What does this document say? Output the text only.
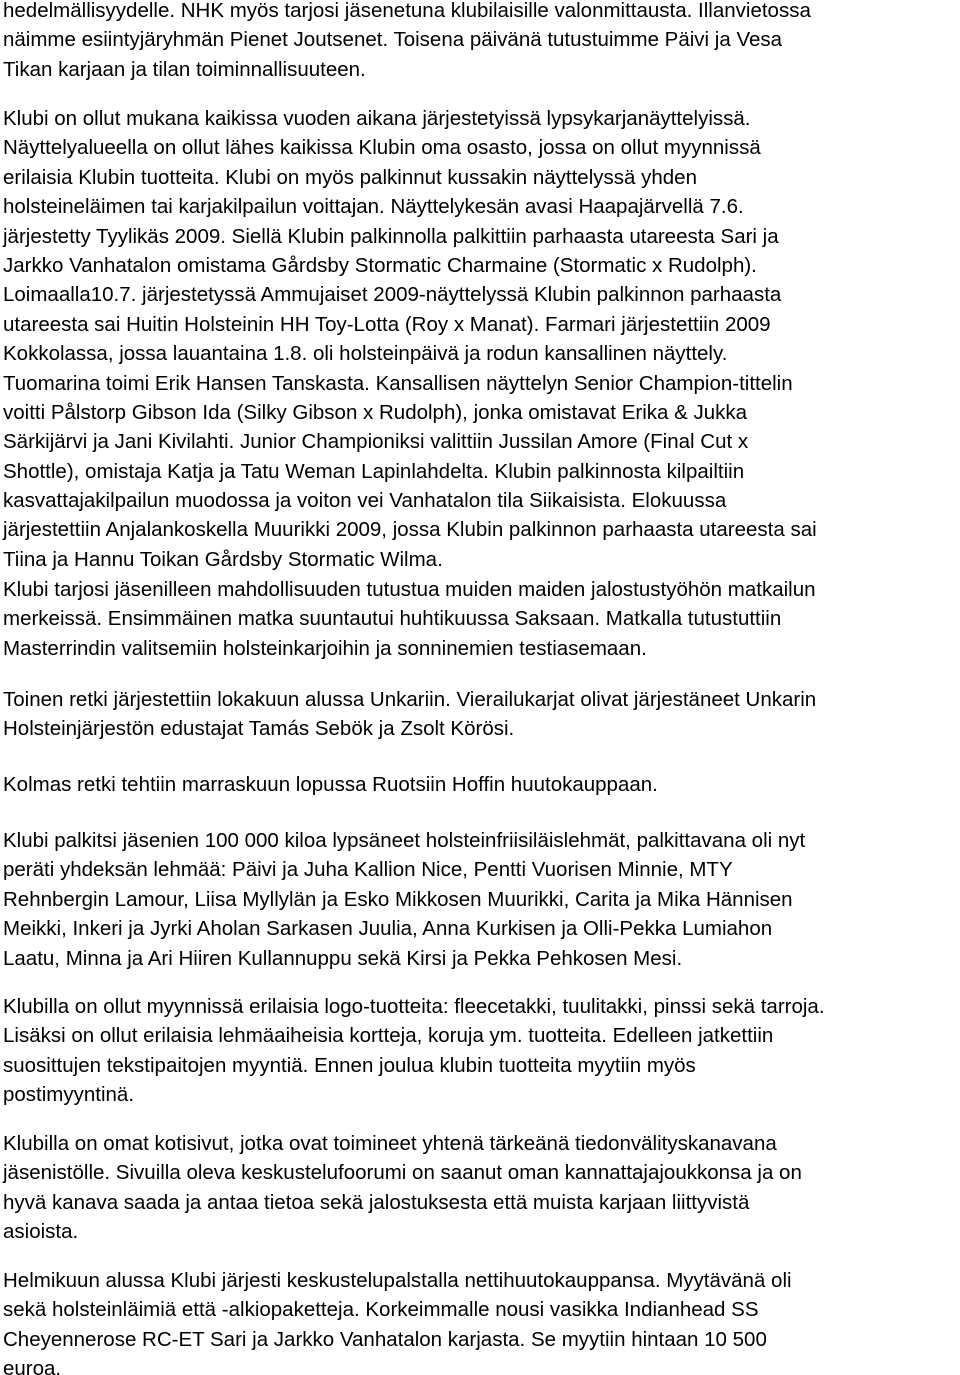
hedelmällisyydelle. NHK myös tarjosi jäsenetuna klubilaisille valonmittausta. Illanvietossa
näimme esiintyjäryhmän Pienet Joutsenet. Toisena päivänä tutustuimme Päivi ja Vesa
Tikan karjaan ja tilan toiminnallisuuteen.
Klubi on ollut mukana kaikissa vuoden aikana järjestetyissä lypsykarjanäyttelyissä.
Näyttelyalueella on ollut lähes kaikissa Klubin oma osasto, jossa on ollut myynnissä
erilaisia Klubin tuotteita. Klubi on myös palkinnut kussakin näyttelyssä yhden
holsteineläimen tai karjakilpailun voittajan. Näyttelykesän avasi Haapajärvellä 7.6.
järjestetty Tyylikäs 2009. Siellä Klubin palkinnolla palkittiin parhaasta utareesta Sari ja
Jarkko Vanhatalon omistama Gårdsby Stormatic Charmaine (Stormatic x Rudolph).
Loimaalla10.7. järjestetyssä Ammujaiset 2009-näyttelyssä Klubin palkinnon parhaasta
utareesta sai Huitin Holsteinin HH Toy-Lotta (Roy x Manat). Farmari järjestettiin 2009
Kokkolassa, jossa lauantaina 1.8. oli holsteinpäivä ja rodun kansallinen näyttely.
Tuomarina toimi Erik Hansen Tanskasta. Kansallisen näyttelyn Senior Champion-tittelin
voitti Pålstorp Gibson Ida (Silky Gibson x Rudolph), jonka omistavat Erika & Jukka
Särkijärvi ja Jani Kivilahti. Junior Championiksi valittiin Jussilan Amore (Final Cut x
Shottle), omistaja Katja ja Tatu Weman Lapinlahdelta. Klubin palkinnosta kilpailtiin
kasvattajakilpailun muodossa ja voiton vei Vanhatalon tila Siikaisista. Elokuussa
järjestettiin Anjalankoskella Muurikki 2009, jossa Klubin palkinnon parhaasta utareesta sai
Tiina ja Hannu Toikan Gårdsby Stormatic Wilma.
Klubi tarjosi jäsenilleen mahdollisuuden tutustua muiden maiden jalostustyöhön matkailun
merkeissä. Ensimmäinen matka suuntautui huhtikuussa Saksaan. Matkalla tutustuttiin
Masterrindin valitsemiin holsteinkarjoihin ja sonninemien testiasemaan.
Toinen retki järjestettiin lokakuun alussa Unkariin. Vierailukarjat olivat järjestäneet Unkarin
Holsteinjärjestön edustajat Tamás Sebök ja Zsolt Körösi.
Kolmas retki tehtiin marraskuun lopussa Ruotsiin Hoffin huutokauppaan.
Klubi palkitsi jäsenien 100 000 kiloa lypsäneet holsteinfriisiläislehmät, palkittavana oli nyt
peräti yhdeksän lehmää: Päivi ja Juha Kallion Nice, Pentti Vuorisen Minnie, MTY
Rehnbergin Lamour, Liisa Myllylän ja Esko Mikkosen Muurikki, Carita ja Mika Hännisen
Meikki, Inkeri ja Jyrki Aholan Sarkasen Juulia, Anna Kurkisen ja Olli-Pekka Lumiahon
Laatu, Minna ja Ari Hiiren Kullannuppu sekä Kirsi ja Pekka Pehkosen Mesi.
Klubilla on ollut myynnissä erilaisia logo-tuotteita: fleecetakki, tuulitakki, pinssi sekä tarroja.
Lisäksi on ollut erilaisia lehmäaiheisia kortteja, koruja ym. tuotteita. Edelleen jatkettiin
suosittujen tekstipaitojen myyntiä. Ennen joulua klubin tuotteita myytiin myös
postimyyntinä.
Klubilla on omat kotisivut, jotka ovat toimineet yhtenä tärkeänä tiedonvälityskanavana
jäsenistölle. Sivuilla oleva keskustelufoorumi on saanut oman kannattajajoukkonsa ja on
hyvä kanava saada ja antaa tietoa sekä jalostuksesta että muista karjaan liittyvistä
asioista.
Helmikuun alussa Klubi järjesti keskustelupalstalla nettihuutokauppansa. Myytävänä oli
sekä holsteinläimiä että -alkiopaketteja. Korkeimmalle nousi vasikka Indianhead SS
Cheyennerose RC-ET Sari ja Jarkko Vanhatalon karjasta. Se myytiin hintaan 10 500
euroa.
